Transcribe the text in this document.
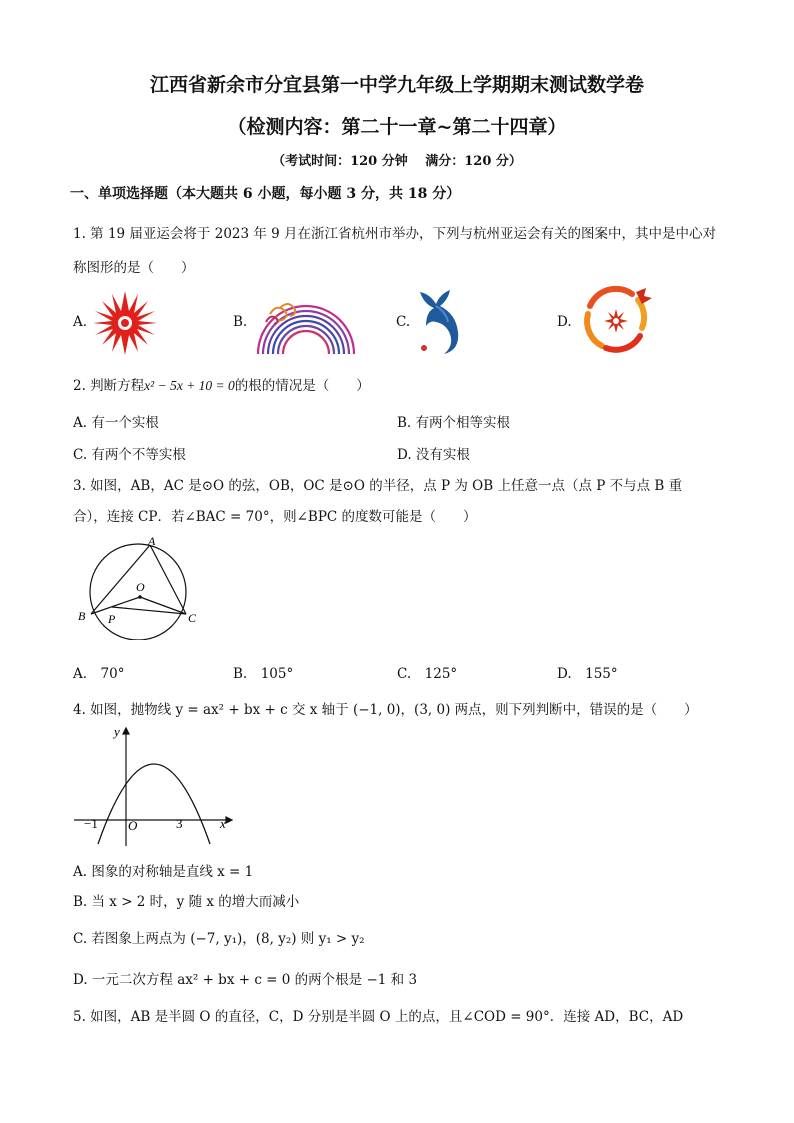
江西省新余市分宜县第一中学九年级上学期期末测试数学卷
（检测内容：第二十一章~第二十四章）
（考试时间：120 分钟　 满分：120 分）
一、单项选择题（本大题共 6 小题，每小题 3 分，共 18 分）
1. 第 19 届亚运会将于 2023 年 9 月在浙江省杭州市举办，下列与杭州亚运会有关的图案中，其中是中心对
称图形的是（　　）
A.	B.	C.	D.
2. 判断方程x² − 5x + 10 = 0的根的情况是（　　）
A. 有一个实根	B. 有两个相等实根
C. 有两个不等实根	D. 没有实根
3. 如图，AB，AC 是⊙O 的弦，OB，OC 是⊙O 的半径，点 P 为 OB 上任意一点（点 P 不与点 B 重
合），连接 CP．若∠BAC = 70°，则∠BPC 的度数可能是（　　）
A
B	C
O
P
A.　70°	B.　105°	C.　125°	D.　155°
4. 如图，抛物线 y = ax² + bx + c 交 x 轴于 (−1, 0)，(3, 0) 两点，则下列判断中，错误的是（　　）
y
x
−1 O	3
A. 图象的对称轴是直线 x = 1
B. 当 x > 2 时，y 随 x 的增大而减小
C. 若图象上两点为 (−7, y₁)，(8, y₂) 则 y₁ > y₂
D. 一元二次方程 ax² + bx + c = 0 的两个根是 −1 和 3
5. 如图，AB 是半圆 O 的直径，C，D 分别是半圆 O 上的点，且∠COD = 90°．连接 AD，BC，AD
